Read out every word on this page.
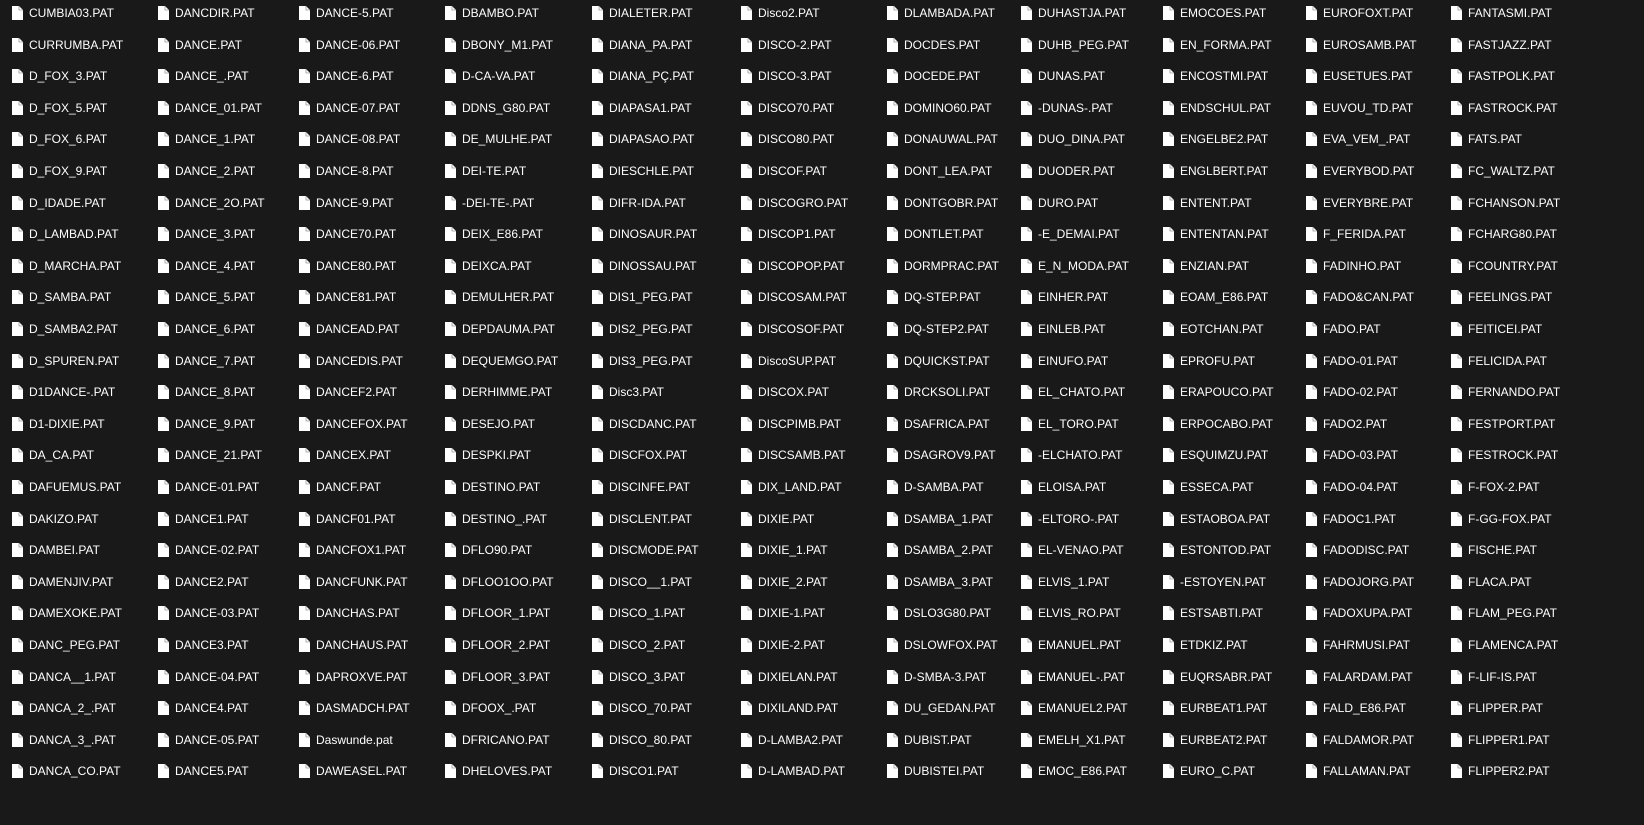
CUMBIA03.PAT
CURRUMBA.PAT
D_FOX_3.PAT
D_FOX_5.PAT
D_FOX_6.PAT
D_FOX_9.PAT
D_IDADE.PAT
D_LAMBAD.PAT
D_MARCHA.PAT
D_SAMBA.PAT
D_SAMBA2.PAT
D_SPUREN.PAT
D1DANCE-.PAT
D1-DIXIE.PAT
DA_CA.PAT
DAFUEMUS.PAT
DAKIZO.PAT
DAMBEI.PAT
DAMENJIV.PAT
DAMEXOKE.PAT
DANC_PEG.PAT
DANCA__1.PAT
DANCA_2_.PAT
DANCA_3_.PAT
DANCA_CO.PAT
DANCDIR.PAT
DANCE.PAT
DANCE_.PAT
DANCE_01.PAT
DANCE_1.PAT
DANCE_2.PAT
DANCE_2O.PAT
DANCE_3.PAT
DANCE_4.PAT
DANCE_5.PAT
DANCE_6.PAT
DANCE_7.PAT
DANCE_8.PAT
DANCE_9.PAT
DANCE_21.PAT
DANCE-01.PAT
DANCE1.PAT
DANCE-02.PAT
DANCE2.PAT
DANCE-03.PAT
DANCE3.PAT
DANCE-04.PAT
DANCE4.PAT
DANCE-05.PAT
DANCE5.PAT
DANCE-5.PAT
DANCE-06.PAT
DANCE-6.PAT
DANCE-07.PAT
DANCE-08.PAT
DANCE-8.PAT
DANCE-9.PAT
DANCE70.PAT
DANCE80.PAT
DANCE81.PAT
DANCEAD.PAT
DANCEDIS.PAT
DANCEF2.PAT
DANCEFOX.PAT
DANCEX.PAT
DANCF.PAT
DANCF01.PAT
DANCFOX1.PAT
DANCFUNK.PAT
DANCHAS.PAT
DANCHAUS.PAT
DAPROXVE.PAT
DASMADCH.PAT
Daswunde.pat
DAWEASEL.PAT
DBAMBO.PAT
DBONY_M1.PAT
D-CA-VA.PAT
DDNS_G80.PAT
DE_MULHE.PAT
DEI-TE.PAT
-DEI-TE-.PAT
DEIX_E86.PAT
DEIXCA.PAT
DEMULHER.PAT
DEPDAUMA.PAT
DEQUEMGO.PAT
DERHIMME.PAT
DESEJO.PAT
DESPKI.PAT
DESTINO.PAT
DESTINO_.PAT
DFLO90.PAT
DFLOO1OO.PAT
DFLOOR_1.PAT
DFLOOR_2.PAT
DFLOOR_3.PAT
DFOOX_.PAT
DFRICANO.PAT
DHELOVES.PAT
DIALETER.PAT
DIANA_PA.PAT
DIANA_PÇ.PAT
DIAPASA1.PAT
DIAPASAO.PAT
DIESCHLE.PAT
DIFR-IDA.PAT
DINOSAUR.PAT
DINOSSAU.PAT
DIS1_PEG.PAT
DIS2_PEG.PAT
DIS3_PEG.PAT
Disc3.PAT
DISCDANC.PAT
DISCFOX.PAT
DISCINFE.PAT
DISCLENT.PAT
DISCMODE.PAT
DISCO__1.PAT
DISCO_1.PAT
DISCO_2.PAT
DISCO_3.PAT
DISCO_70.PAT
DISCO_80.PAT
DISCO1.PAT
Disco2.PAT
DISCO-2.PAT
DISCO-3.PAT
DISCO70.PAT
DISCO80.PAT
DISCOF.PAT
DISCOGRO.PAT
DISCOP1.PAT
DISCOPOP.PAT
DISCOSAM.PAT
DISCOSOF.PAT
DiscoSUP.PAT
DISCOX.PAT
DISCPIMB.PAT
DISCSAMB.PAT
DIX_LAND.PAT
DIXIE.PAT
DIXIE_1.PAT
DIXIE_2.PAT
DIXIE-1.PAT
DIXIE-2.PAT
DIXIELAN.PAT
DIXILAND.PAT
D-LAMBA2.PAT
D-LAMBAD.PAT
DLAMBADA.PAT
DOCDES.PAT
DOCEDE.PAT
DOMINO60.PAT
DONAUWAL.PAT
DONT_LEA.PAT
DONTGOBR.PAT
DONTLET.PAT
DORMPRAC.PAT
DQ-STEP.PAT
DQ-STEP2.PAT
DQUICKST.PAT
DRCKSOLI.PAT
DSAFRICA.PAT
DSAGROV9.PAT
D-SAMBA.PAT
DSAMBA_1.PAT
DSAMBA_2.PAT
DSAMBA_3.PAT
DSLO3G80.PAT
DSLOWFOX.PAT
D-SMBA-3.PAT
DU_GEDAN.PAT
DUBIST.PAT
DUBISTEI.PAT
DUHASTJA.PAT
DUHB_PEG.PAT
DUNAS.PAT
-DUNAS-.PAT
DUO_DINA.PAT
DUODER.PAT
DURO.PAT
-E_DEMAI.PAT
E_N_MODA.PAT
EINHER.PAT
EINLEB.PAT
EINUFO.PAT
EL_CHATO.PAT
EL_TORO.PAT
-ELCHATO.PAT
ELOISA.PAT
-ELTORO-.PAT
EL-VENAO.PAT
ELVIS_1.PAT
ELVIS_RO.PAT
EMANUEL.PAT
EMANUEL-.PAT
EMANUEL2.PAT
EMELH_X1.PAT
EMOC_E86.PAT
EMOCOES.PAT
EN_FORMA.PAT
ENCOSTMI.PAT
ENDSCHUL.PAT
ENGELBE2.PAT
ENGLBERT.PAT
ENTENT.PAT
ENTENTAN.PAT
ENZIAN.PAT
EOAM_E86.PAT
EOTCHAN.PAT
EPROFU.PAT
ERAPOUCO.PAT
ERPOCABO.PAT
ESQUIMZU.PAT
ESSECA.PAT
ESTAOBOA.PAT
ESTONTOD.PAT
-ESTOYEN.PAT
ESTSABTI.PAT
ETDKIZ.PAT
EUQRSABR.PAT
EURBEAT1.PAT
EURBEAT2.PAT
EURO_C.PAT
EUROFOXT.PAT
EUROSAMB.PAT
EUSETUES.PAT
EUVOU_TD.PAT
EVA_VEM_.PAT
EVERYBOD.PAT
EVERYBRE.PAT
F_FERIDA.PAT
FADINHO.PAT
FADO&CAN.PAT
FADO.PAT
FADO-01.PAT
FADO-02.PAT
FADO2.PAT
FADO-03.PAT
FADO-04.PAT
FADOC1.PAT
FADODISC.PAT
FADOJORG.PAT
FADOXUPA.PAT
FAHRMUSI.PAT
FALARDAM.PAT
FALD_E86.PAT
FALDAMOR.PAT
FALLAMAN.PAT
FANTASMI.PAT
FASTJAZZ.PAT
FASTPOLK.PAT
FASTROCK.PAT
FATS.PAT
FC_WALTZ.PAT
FCHANSON.PAT
FCHARG80.PAT
FCOUNTRY.PAT
FEELINGS.PAT
FEITICEI.PAT
FELICIDA.PAT
FERNANDO.PAT
FESTPORT.PAT
FESTROCK.PAT
F-FOX-2.PAT
F-GG-FOX.PAT
FISCHE.PAT
FLACA.PAT
FLAM_PEG.PAT
FLAMENCA.PAT
F-LIF-IS.PAT
FLIPPER.PAT
FLIPPER1.PAT
FLIPPER2.PAT
